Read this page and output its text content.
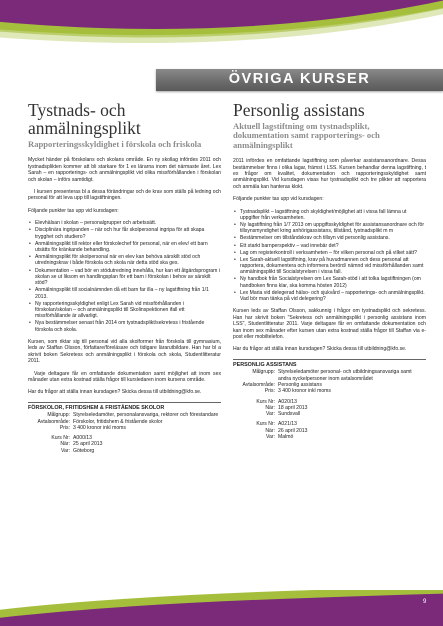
ÖVRIGA KURSER
Tystnads- och anmälningsplikt
Rapporteringsskyldighet i förskola och friskola

Mycket händer på förskolans och skolans område. En ny skollag infördes 2011 och tystnadsplikten kommer att bli starkare för 1 ex lärarna inom det närmaste året. Lex Sarah – en rapporterings- och anmälningsplikt vid olika missförhållanden i förskolan och skolan – införs samtidigt.

I kursen presenteras bl a dessa förändringar och de krav som ställs på ledning och personal för att leva upp till lagstiftningen.

Följande punkter tas upp vid kursdagen:

• Elevhälsan i skolan – personalgrupper och arbetssätt.
• Disciplinära ingripanden – när och hur får skolpersonal ingripa för att skapa trygghet och studiero?
• Anmälningsplikt till rektor eller förskolechef för personal, när en elev/ ett barn utsätts för kränkande behandling.
• Anmälningsplikt för skolpersonal när en elev kan behöva särskilt stöd och utredningskrav i både förskola och skola när detta stöd ska ges.
• Dokumentation – vad bör en stödutredning innehålla, hur kan ett åtgärdsprogram i skolan se ut liksom en handlingsplan för ett barn i förskolan i behov av särskilt stöd?
• Anmälningsplikt till socialnämnden då ett barn far illa – ny lagstiftning från 1/1 2013.
• Ny rapporteringsskyldighet enligt Lex Sarah vid missförhållanden i förskolan/skolan – och anmälningsplikt till Skolinspektionen ifall ett missförhållande är allvarligt.
• Nya bestämmelser senast från 2014 om tystnadsplikt/sekretess i fristående förskola och skola.

Kursen, som riktar sig till personal vid alla skolformer från förskola till gymnasium, leds av Staffan Olsson, författare/föreläsare och tidigare lärarutbildare. Han har bl a skrivit boken Sekretess och anmälningsplikt i förskola och skola, Studentlitteratur 2011.

Varje deltagare får en omfattande dokumentation samt möjlighet att inom sex månader utan extra kostnad ställa frågor till kursledaren inom kursens område.

Har du frågor att ställa innan kursdagen? Skicka dessa till utbildning@kfo.se.

FÖRSKOLOR, FRITIDSHEM & FRISTÅENDE SKOLOR
Målgrupp: Styrelseledamöter, personalansvariga, rektorer och förestandare
Avtalsområde: Förskolor, fritidshem & fristående skolor
Pris: 3 400 kronor inkl moms
Kurs Nr: A000/13
När: 25 april 2013
Var: Göteborg
Personlig assistans
Aktuell lagstiftning om tystnadsplikt, dokumentation samt rapporterings- och anmälningsplikt

2011 infördes en omfattande lagstiftning som påverkar assistansanordnare. Dessa bestämmelser finns i olika lagar, främst i LSS. Kursen behandlar denna lagstiftning, t ex frågor om kvalitet, dokumentation och rapporteringsskyldighet samt anmälningsplikt. Vid kursdagen visas hur tystnadsplikt och tre plikter att rapportera och anmäla kan hanteras klokt.

Följande punkter tas upp vid kursdagen:

• Tystnadsplikt – lagstiftning och skyldighet/möjlighet att i vissa fall lämna ut uppgifter från verksamheten.
• Ny lagstiftning från 1/7 2013 om uppgiftsskyldighet för assistansanordnare och för tillsynsmyndighet kring anhörigassistans, tillstånd, tystnadsplikt m m
• Bestämmelser om tillståndskrav och tillsyn vid personlig assistans.
• Ett starkt barnperspektiv – vad innebär det?
• Lag om registerkontroll i verksamheten – för vilken personal och på vilket sätt?
• Lex Sarah-aktuell lagstiftning, krav på huvudmannen och dess personal att rapportera, dokumentera och informera berörd/ nämnd vid missförhållanden samt anmälningsplikt till Socialstyrelsen i vissa fall.
• Ny handbok från Socialstyrelsen om Lex Sarah-stöd i att tolka lagstiftningen (om handboken finns klar, ska komma hösten 2012)
• Lex Maria vid delegerad hälso- och sjukvård – rapporterings- och anmälningsplikt. Vad bör man tänka på vid delegering?

Kursen leds av Staffan Olsson, sakkunnig i frågor om tystnadsplikt och sekretess. Han har skrivit boken "Sekretess och anmälningsplikt i personlig assistans inom LSS", Studentlitteratur 2011. Varje deltagare får en omfattande dokumentation och kan inom sex månader efter kursen utan extra kostnad ställa frågor till Staffan via e-post eller mobiltelefon.

Har du frågor att ställa innan kursdagen? Skicka dessa till utbildning@kfo.se.

PERSONLIG ASSISTANS
Målgrupp: Styrelseledamöter personal- och utbildningsansvariga samt andra nyckelpersoner inom avtalsområdet
Avtalsområde: Personlig assistans
Pris: 3 400 kronor inkl moms
Kurs Nr: A020/13
När: 18 april 2013
Var: Sundsvall
Kurs Nr: A021/13
När: 26 april 2013
Var: Malmö
9
